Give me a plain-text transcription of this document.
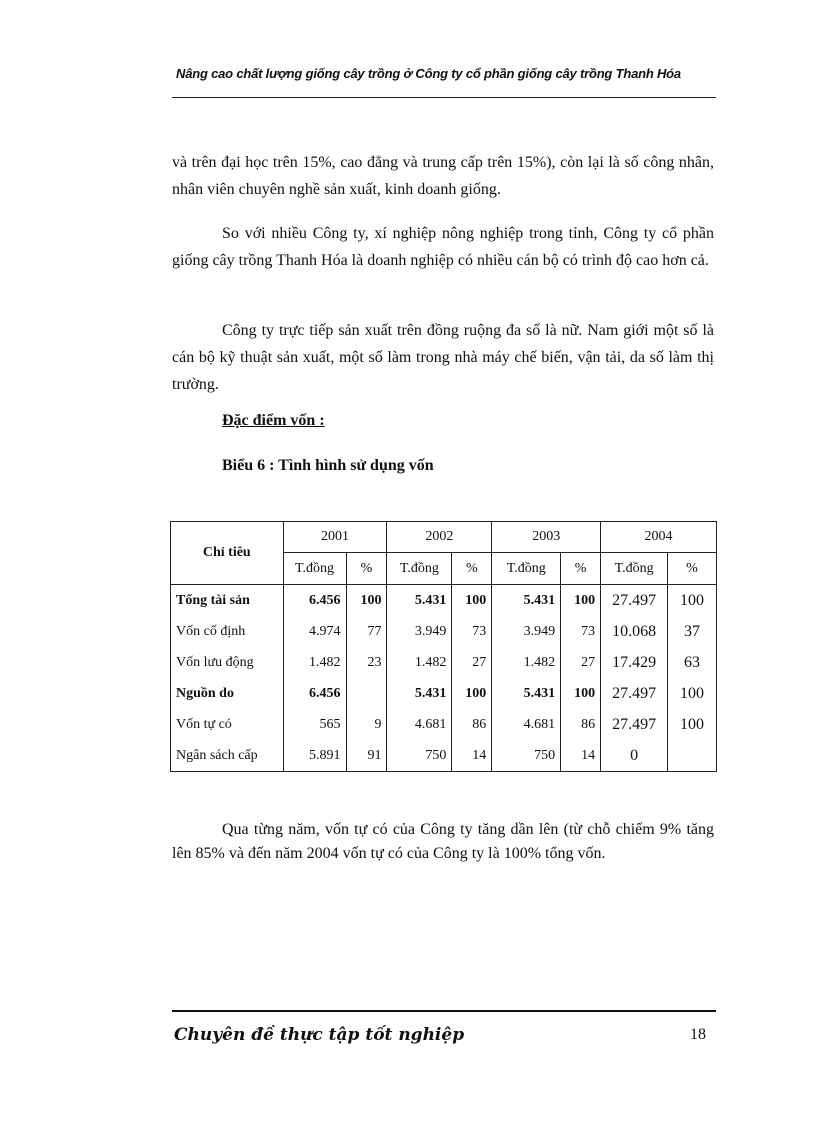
Nâng cao chất lượng giống cây trồng ở Công ty cổ phần giống cây trồng Thanh Hóa

và trên đại học trên 15%, cao đẳng và trung cấp trên 15%), còn lại là số công nhân, nhân viên chuyên nghề sản xuất, kinh doanh giống.

So với nhiều Công ty, xí nghiệp nông nghiệp trong tỉnh, Công ty cổ phần giống cây trồng Thanh Hóa là doanh nghiệp có nhiều cán bộ có trình độ cao hơn cả.

Công ty trực tiếp sản xuất trên đồng ruộng đa số là nữ. Nam giới một số là cán bộ kỹ thuật sản xuất, một số làm trong nhà máy chế biến, vận tải, da số làm thị trường.

Đặc điểm vốn :
Biểu 6 : Tình hình sử dụng vốn
Chỉ tiêu	2001		2002		2003		2004	
	T.đồng	%	T.đồng	%	T.đồng	%	T.đồng	%
Tổng tài sản	6.456	100	5.431	100	5.431	100	27.497	100
Vốn cố định	4.974	77	3.949	73	3.949	73	10.068	37
Vốn lưu động	1.482	23	1.482	27	1.482	27	17.429	63
Nguồn do	6.456		5.431	100	5.431	100	27.497	100
Vốn tự có	565	9	4.681	86	4.681	86	27.497	100
Ngân sách cấp	5.891	91	750	14	750	14	0	

Qua từng năm, vốn tự có của Công ty tăng dần lên (từ chỗ chiếm 9% tăng lên 85% và đến năm 2004 vốn tự có của Công ty là 100% tổng vốn.

Chuyên đề thực tập tốt nghiệp	18
